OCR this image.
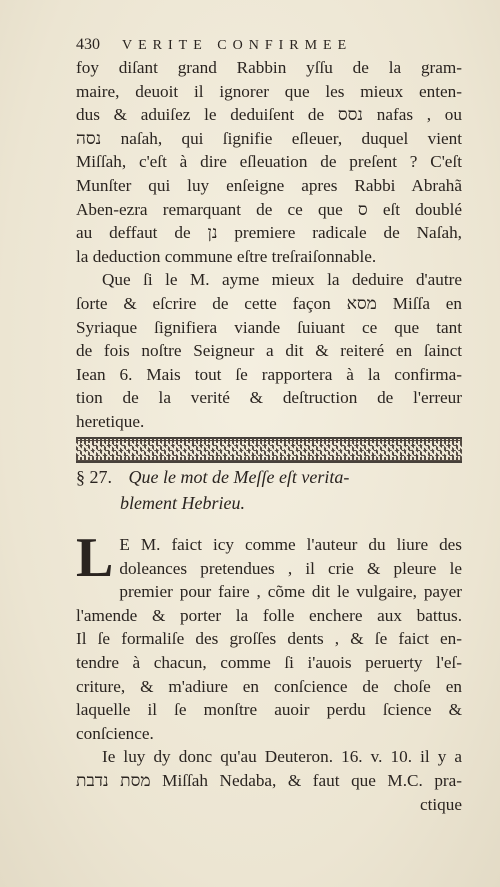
430 VERITE CONFIRMEE
foy diſant grand Rabbin yſſu de la gram-
maire, deuoit il ignorer que les mieux enten-
dus & aduiſez le deduiſent de נסס nafas , ou
נסה naſah, qui ſignifie eſleuer, duquel vient
Miſſah, c'eſt à dire eſleuation de preſent ? C'eſt
Munſter qui luy enſeigne apres Rabbi Abrahã
Aben-ezra remarquant de ce que ס eſt doublé
au deffaut de נן premiere radicale de Naſah,
la deduction commune eſtre treſraiſonnable.
Que ſi le M. ayme mieux la deduire d'autre
ſorte & eſcrire de cette façon מסא Miſſa en
Syriaque ſignifiera viande ſuiuant ce que tant
de fois noſtre Seigneur a dit & reiteré en ſainct
Iean 6. Mais tout ſe rapportera à la confirma-
tion de la verité & deſtruction de l'erreur
heretique.
§ 27. Que le mot de Meſſe eſt verita-
blement Hebrieu.
L E M. faict icy comme l'auteur du liure des
doleances pretendues , il crie & pleure le
premier pour faire , cõme dit le vulgaire, payer
l'amende & porter la folle enchere aux battus.
Il ſe formaliſe des groſſes dents , & ſe faict en-
tendre à chacun, comme ſi i'auois peruerty l'eſ-
criture, & m'adiure en conſcience de choſe en
laquelle il ſe monſtre auoir perdu ſcience &
conſcience.
Ie luy dy donc qu'au Deuteron. 16. v. 10. il y a
מסת נדבת Miſſah Nedaba, & faut que M.C. pra-
ctique
